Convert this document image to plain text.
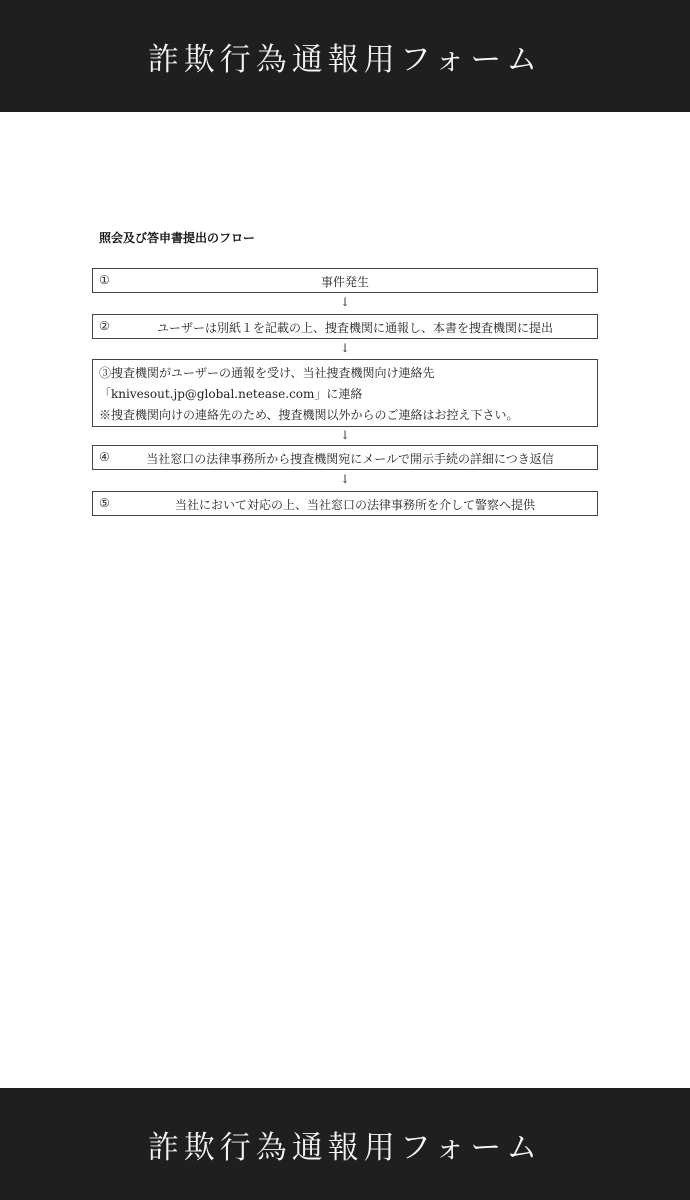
詐欺行為通報用フォーム
照会及び答申書提出のフロー
①	事件発生
↓
②	ユーザーは別紙１を記載の上、捜査機関に通報し、本書を捜査機関に提出
↓
③捜査機関がユーザーの通報を受け、当社捜査機関向け連絡先
「knivesout.jp@global.netease.com」に連絡
※捜査機関向けの連絡先のため、捜査機関以外からのご連絡はお控え下さい。
↓
④	当社窓口の法律事務所から捜査機関宛にメールで開示手続の詳細につき返信
↓
⑤	当社において対応の上、当社窓口の法律事務所を介して警察へ提供
詐欺行為通報用フォーム
